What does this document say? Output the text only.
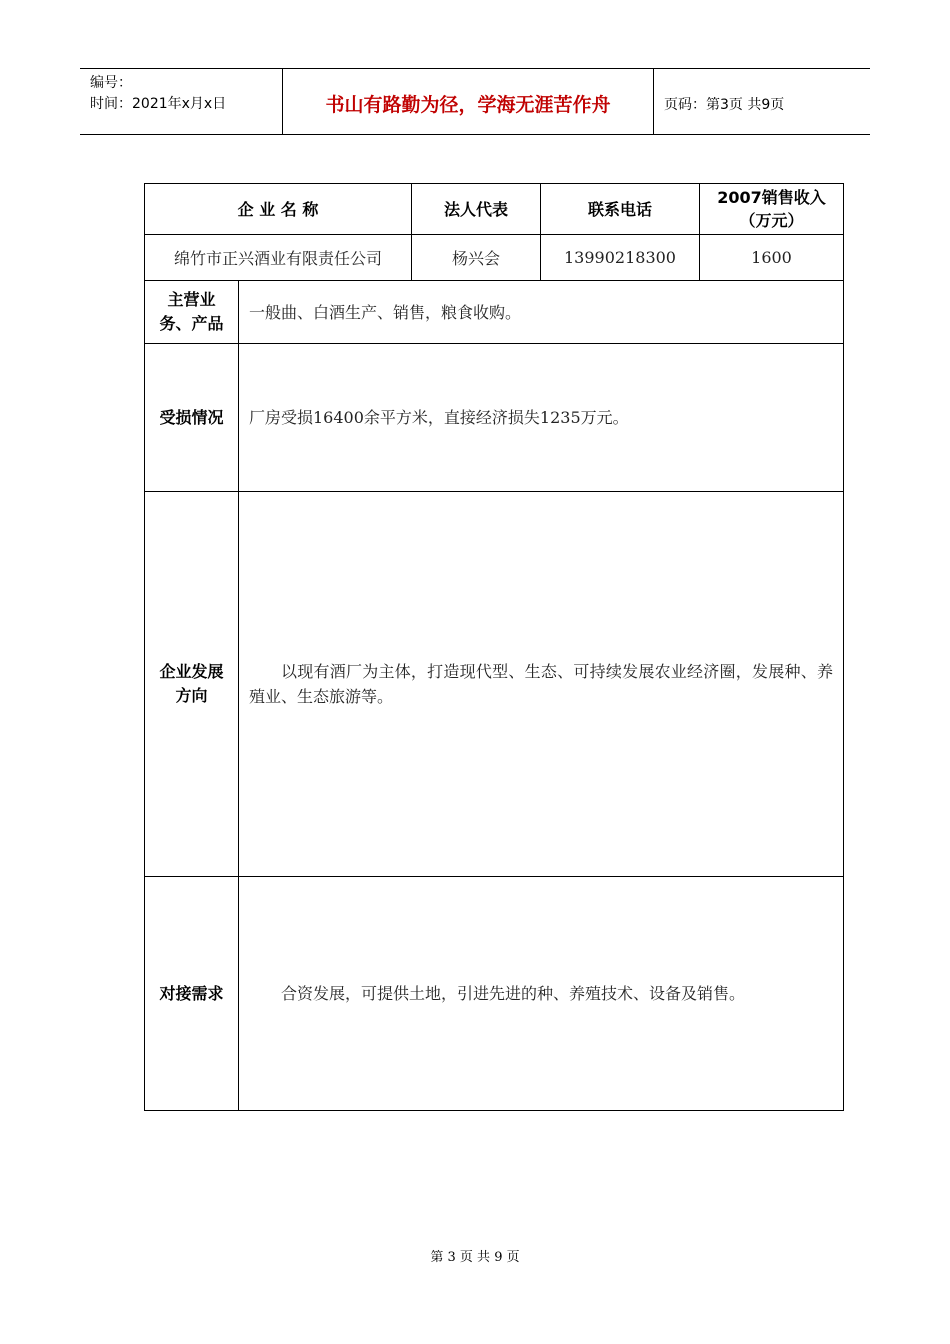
编号：
时间：2021年x月x日	书山有路勤为径，学海无涯苦作舟	页码：第3页 共9页
企 业 名 称		法人代表	联系电话	2007销售收入
（万元）

绵竹市正兴酒业有限责任公司		杨兴会	13990218300	1600

主营业
务、产品	一般曲、白酒生产、销售，粮食收购。			
受损情况	厂房受损16400余平方米，直接经济损失1235万元。			

企业发展
方向	以现有酒厂为主体，打造现代型、生态、可持续发展农业经济圈，发展种、养殖业、生态旅游等。			
对接需求	合资发展，可提供土地，引进先进的种、养殖技术、设备及销售。			
第 3 页 共 9 页
